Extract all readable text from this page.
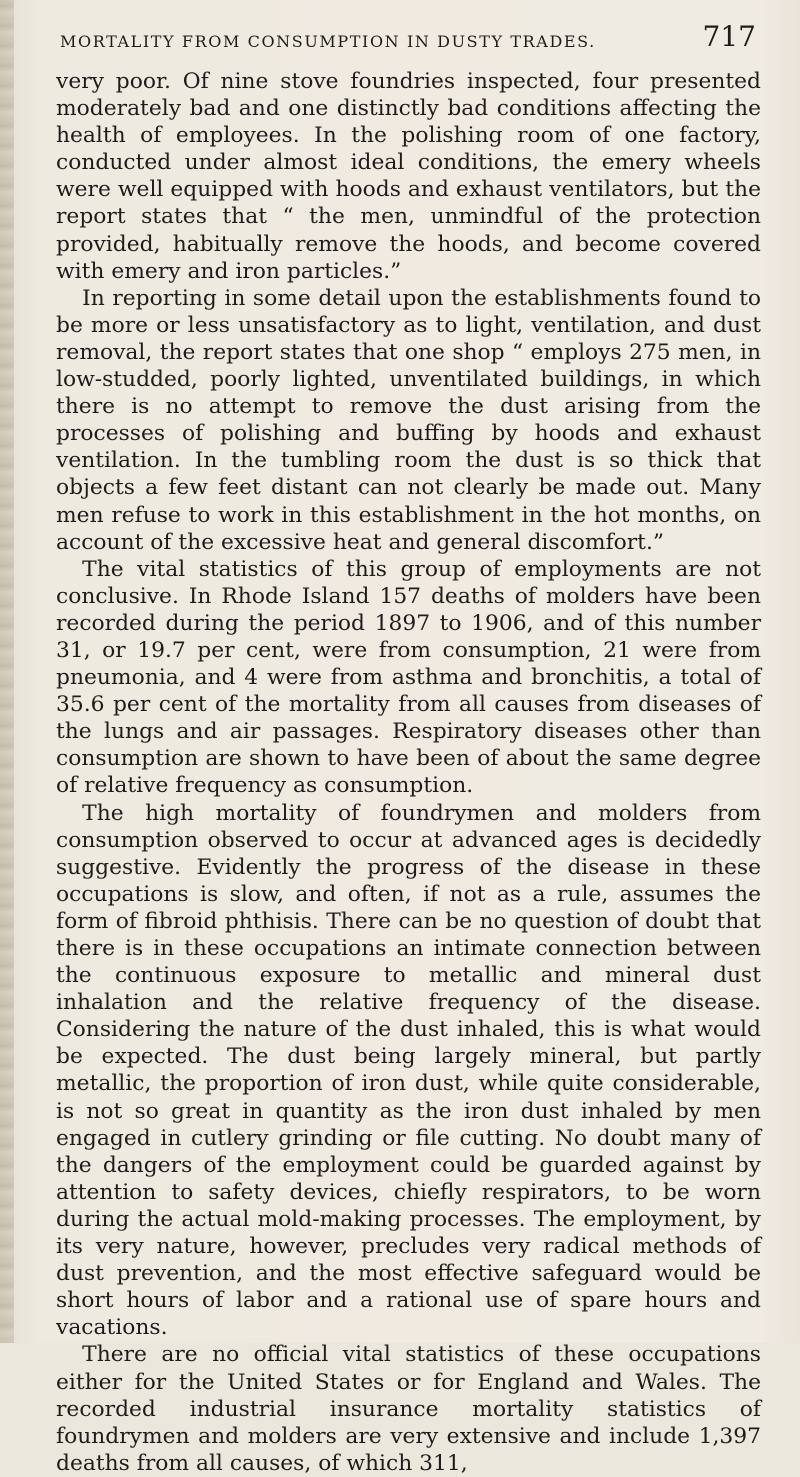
MORTALITY FROM CONSUMPTION IN DUSTY TRADES.	717

very poor. Of nine stove foundries inspected, four presented moderately bad and one distinctly bad conditions affecting the health of employees. In the polishing room of one factory, conducted under almost ideal conditions, the emery wheels were well equipped with hoods and exhaust ventilators, but the report states that “ the men, unmindful of the protection provided, habitually remove the hoods, and become covered with emery and iron particles.”

In reporting in some detail upon the establishments found to be more or less unsatisfactory as to light, ventilation, and dust removal, the report states that one shop “ employs 275 men, in low-studded, poorly lighted, unventilated buildings, in which there is no attempt to remove the dust arising from the processes of polishing and buffing by hoods and exhaust ventilation. In the tumbling room the dust is so thick that objects a few feet distant can not clearly be made out. Many men refuse to work in this establishment in the hot months, on account of the excessive heat and general discomfort.”

The vital statistics of this group of employments are not conclusive. In Rhode Island 157 deaths of molders have been recorded during the period 1897 to 1906, and of this number 31, or 19.7 per cent, were from consumption, 21 were from pneumonia, and 4 were from asthma and bronchitis, a total of 35.6 per cent of the mortality from all causes from diseases of the lungs and air passages. Respiratory diseases other than consumption are shown to have been of about the same degree of relative frequency as consumption.

The high mortality of foundrymen and molders from consumption observed to occur at advanced ages is decidedly suggestive. Evidently the progress of the disease in these occupations is slow, and often, if not as a rule, assumes the form of fibroid phthisis. There can be no question of doubt that there is in these occupations an intimate connection between the continuous exposure to metallic and mineral dust inhalation and the relative frequency of the disease. Considering the nature of the dust inhaled, this is what would be expected. The dust being largely mineral, but partly metallic, the proportion of iron dust, while quite considerable, is not so great in quantity as the iron dust inhaled by men engaged in cutlery grinding or file cutting. No doubt many of the dangers of the employment could be guarded against by attention to safety devices, chiefly respirators, to be worn during the actual mold-making processes. The employment, by its very nature, however, precludes very radical methods of dust prevention, and the most effective safeguard would be short hours of labor and a rational use of spare hours and vacations.

There are no official vital statistics of these occupations either for the United States or for England and Wales. The recorded industrial insurance mortality statistics of foundrymen and molders are very extensive and include 1,397 deaths from all causes, of which 311,
